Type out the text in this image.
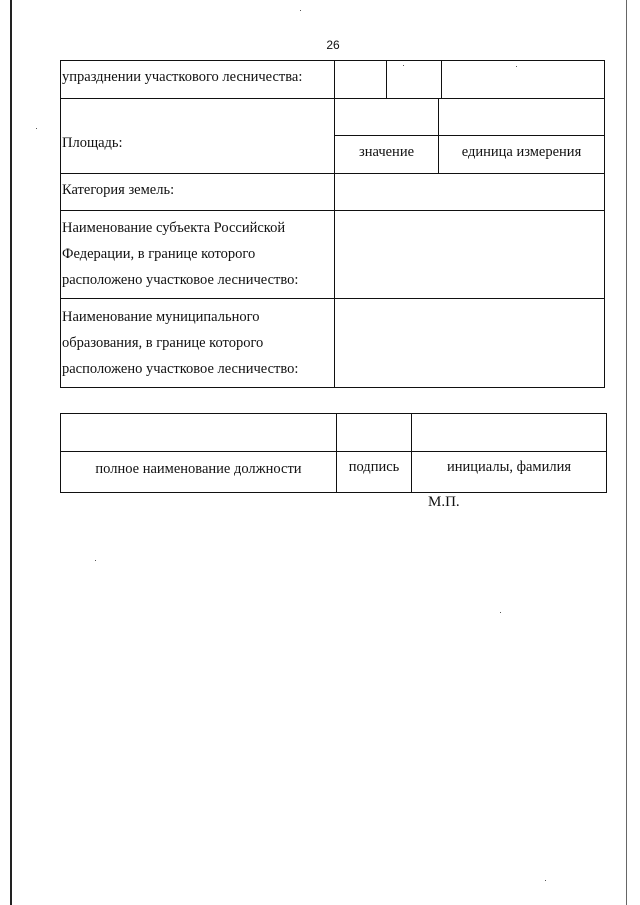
26
упразднении участкового лесничества:
Площадь:
значение	единица измерения
Категория земель:
Наименование субъекта Российской
Федерации, в границе которого
расположено участковое лесничество:
Наименование муниципального
образования, в границе которого
расположено участковое лесничество:
полное наименование должности	подпись	инициалы, фамилия
М.П.
